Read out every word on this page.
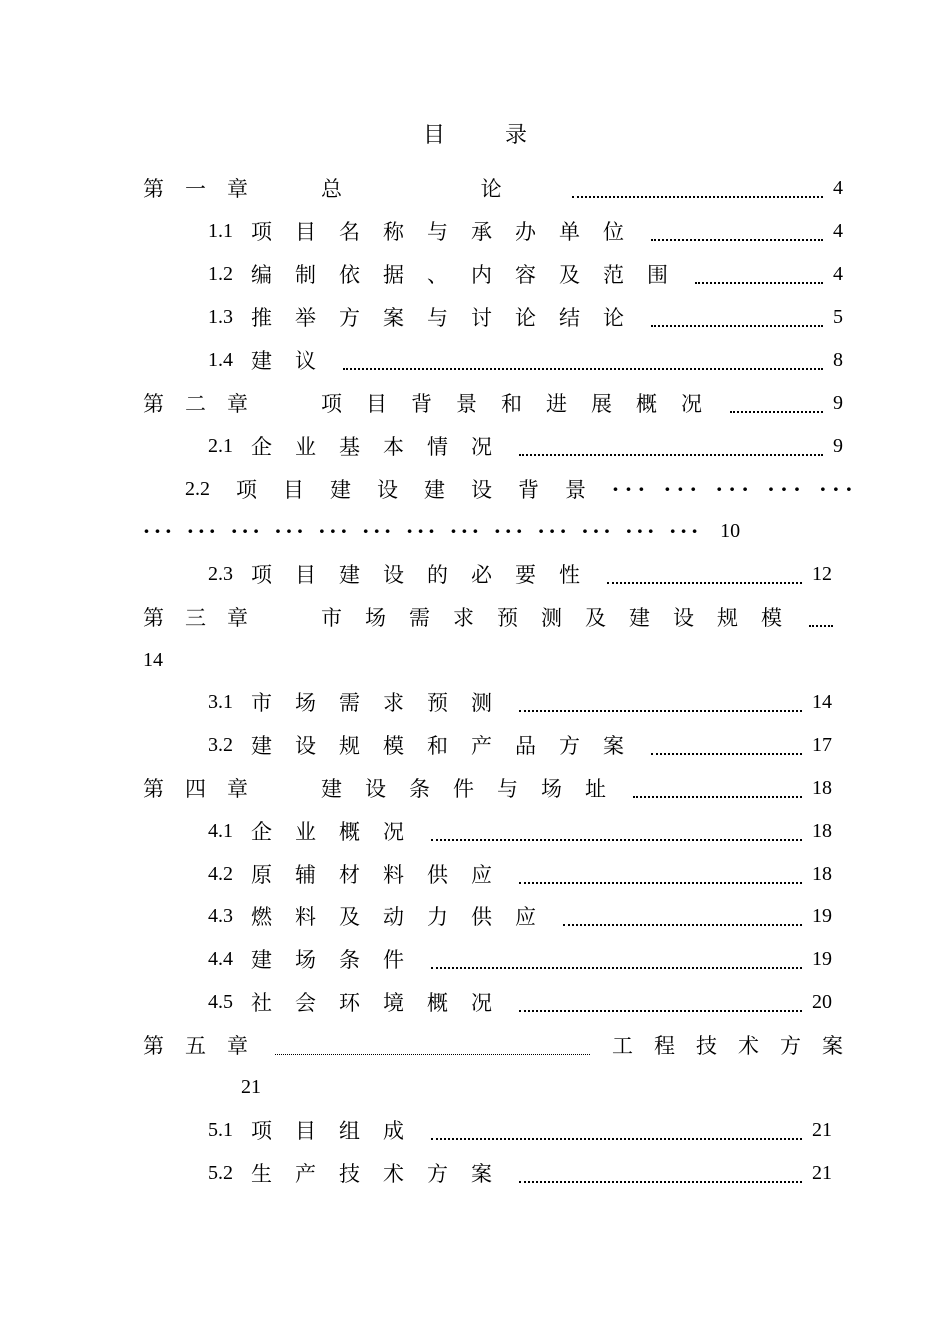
目录
第一章	总 论	4
1.1 项目名称与承办单位	4
1.2 编制依据、内容及范围	4
1.3 推举方案与讨论结论	5
1.4 建议	8
第二章	项目背景和进展概况	9
2.1 企业基本情况	9
2.2 项目建设建设背景 ··· ··· ··· ··· ···
··· ··· ··· ··· ··· ··· ··· ··· ··· ··· ··· ··· ··· 10
2.3 项目建设的必要性	12
第三章	市场需求预测及建设规模
14
3.1 市场需求预测	14
3.2 建设规模和产品方案	17
第四章	建设条件与场址	18
4.1 企业概况	18
4.2 原辅材料供应	18
4.3 燃料及动力供应	19
4.4 建场条件	19
4.5 社会环境概况	20
第五章	工程技术方案
21
5.1 项目组成	21
5.2 生产技术方案	21
